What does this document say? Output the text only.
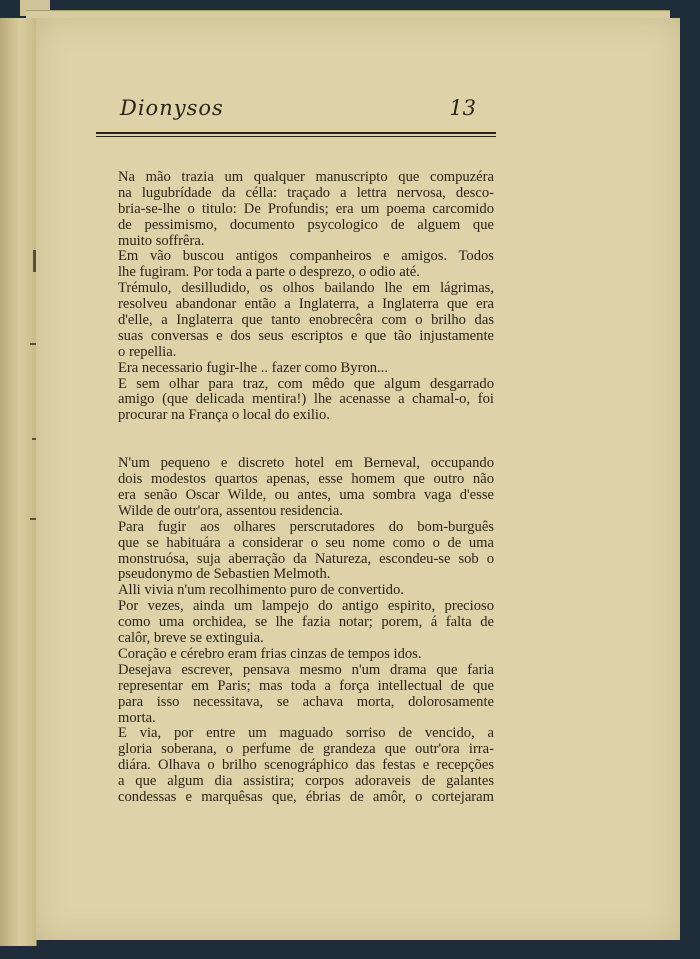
Dionysos	13
Na mão trazia um qualquer manuscripto que compuzéra
na lugubrídade da célla: traçado a lettra nervosa, desco-
bria-se-lhe o titulo: De Profundis; era um poema carcomido
de pessimismo, documento psycologico de alguem que
muito soffrêra.
Em vão buscou antigos companheiros e amigos. Todos
lhe fugiram. Por toda a parte o desprezo, o odio até.
Trémulo, desilludido, os olhos bailando lhe em lágrimas,
resolveu abandonar então a Inglaterra, a Inglaterra que era
d'elle, a Inglaterra que tanto enobrecêra com o brilho das
suas conversas e dos seus escriptos e que tão injustamente
o repellia.
Era necessario fugir-lhe .. fazer como Byron...
E sem olhar para traz, com mêdo que algum desgarrado
amigo (que delicada mentira!) lhe acenasse a chamal-o, foi
procurar na França o local do exilio.
N'um pequeno e discreto hotel em Berneval, occupando
dois modestos quartos apenas, esse homem que outro não
era senão Oscar Wilde, ou antes, uma sombra vaga d'esse
Wilde de outr'ora, assentou residencia.
Para fugir aos olhares perscrutadores do bom-burguês
que se habituára a considerar o seu nome como o de uma
monstruósa, suja aberração da Natureza, escondeu-se sob o
pseudonymo de Sebastien Melmoth.
Alli vivia n'um recolhimento puro de convertido.
Por vezes, ainda um lampejo do antigo espirito, precioso
como uma orchidea, se lhe fazia notar; porem, á falta de
calôr, breve se extinguia.
Coração e cérebro eram frias cinzas de tempos idos.
Desejava escrever, pensava mesmo n'um drama que faria
representar em Paris; mas toda a força intellectual de que
para isso necessitava, se achava morta, dolorosamente
morta.
E via, por entre um maguado sorriso de vencido, a
gloria soberana, o perfume de grandeza que outr'ora irra-
diára. Olhava o brilho scenográphico das festas e recepções
a que algum dia assistira; corpos adoraveis de galantes
condessas e marquêsas que, ébrias de amôr, o cortejaram
